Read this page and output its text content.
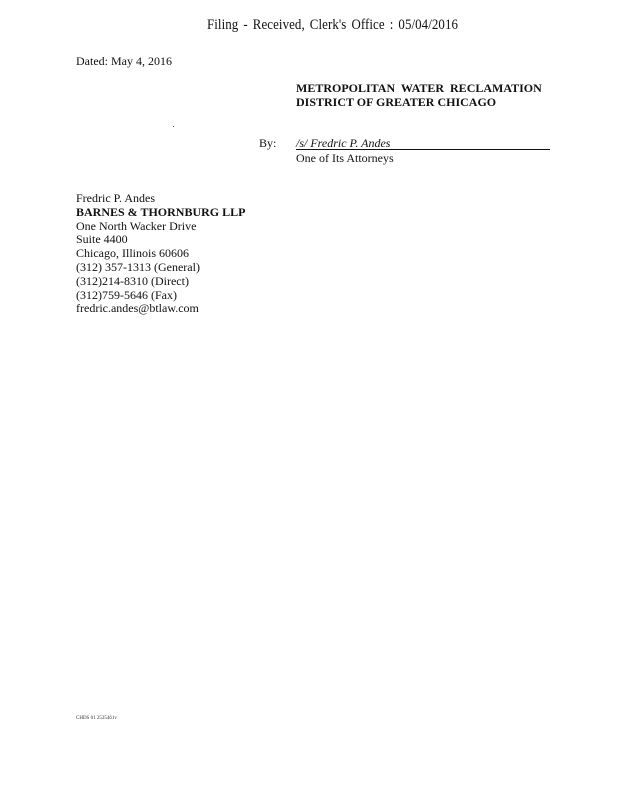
Filing - Received, Clerk's Office : 05/04/2016
Dated: May 4, 2016
METROPOLITAN WATER RECLAMATION
DISTRICT OF GREATER CHICAGO
By: /s/ Fredric P. Andes
One of Its Attorneys
Fredric P. Andes
BARNES & THORNBURG LLP
One North Wacker Drive
Suite 4400
Chicago, Illinois 60606
(312) 357-1313 (General)
(312)214-8310 (Direct)
(312)759-5646 (Fax)
fredric.andes@btlaw.com
CHDS 01 2535461v
